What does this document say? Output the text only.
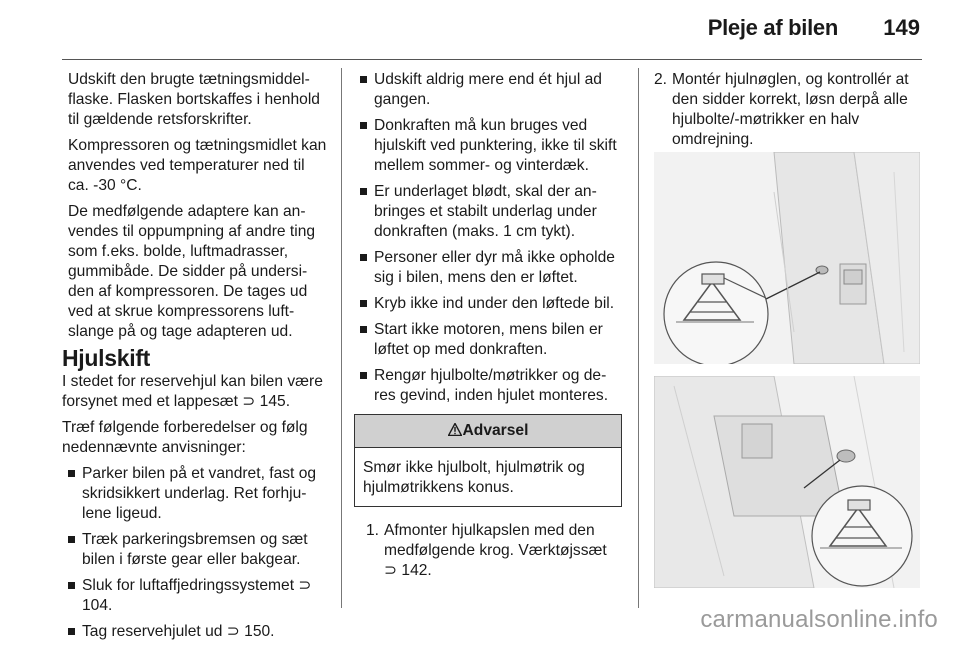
Pleje af bilen 149

Udskift den brugte tætningsmiddel-flaske. Flasken bortskaffes i henhold til gældende retsforskrifter.

Kompressoren og tætningsmidlet kan anvendes ved temperaturer ned til ca. -30 °C.

De medfølgende adaptere kan an-vendes til oppumpning af andre ting som f.eks. bolde, luftmadrasser, gummibåde. De sidder på undersi-den af kompressoren. De tages ud ved at skrue kompressorens luft-slange på og tage adapteren ud.

Hjulskift

I stedet for reservehjul kan bilen være forsynet med et lappesæt ⊃ 145.

Træf følgende forberedelser og følg nedennævnte anvisninger:

Parker bilen på et vandret, fast og skridsikkert underlag. Ret forhju-lene ligeud.
Træk parkeringsbremsen og sæt bilen i første gear eller bakgear.
Sluk for luftaffjedringssystemet ⊃ 104.
Tag reservehjulet ud ⊃ 150.
Udskift aldrig mere end ét hjul ad gangen.
Donkraften må kun bruges ved hjulskift ved punktering, ikke til skift mellem sommer- og vinterdæk.
Er underlaget blødt, skal der an-bringes et stabilt underlag under donkraften (maks. 1 cm tykt).
Personer eller dyr må ikke opholde sig i bilen, mens den er løftet.
Kryb ikke ind under den løftede bil.
Start ikke motoren, mens bilen er løftet op med donkraften.
Rengør hjulbolte/møtrikker og de-res gevind, inden hjulet monteres.
Advarsel
Smør ikke hjulbolt, hjulmøtrik og hjulmøtrikkens konus.
1. Afmonter hjulkapslen med den medfølgende krog. Værktøjssæt ⊃ 142.
2. Montér hjulnøglen, og kontrollér at den sidder korrekt, løsn derpå alle hjulbolte/-møtrikker en halv omdrejning.
carmanualsonline.info
